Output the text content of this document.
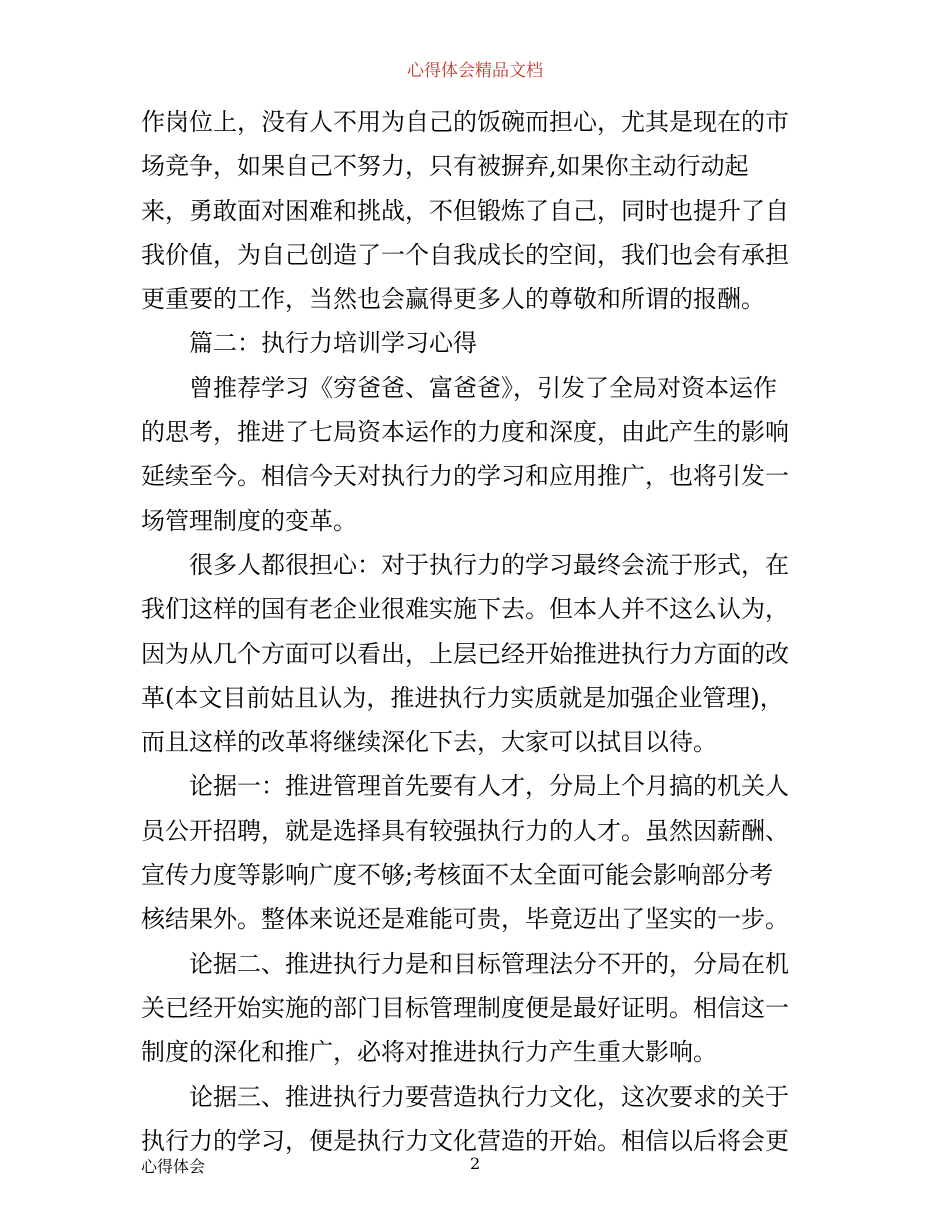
心得体会精品文档
作岗位上，没有人不用为自己的饭碗而担心，尤其是现在的市
场竞争，如果自己不努力，只有被摒弃,如果你主动行动起
来，勇敢面对困难和挑战，不但锻炼了自己，同时也提升了自
我价值，为自己创造了一个自我成长的空间，我们也会有承担
更重要的工作，当然也会赢得更多人的尊敬和所谓的报酬。
篇二：执行力培训学习心得
曾推荐学习《穷爸爸、富爸爸》，引发了全局对资本运作
的思考，推进了七局资本运作的力度和深度，由此产生的影响
延续至今。相信今天对执行力的学习和应用推广，也将引发一
场管理制度的变革。
很多人都很担心：对于执行力的学习最终会流于形式，在
我们这样的国有老企业很难实施下去。但本人并不这么认为，
因为从几个方面可以看出，上层已经开始推进执行力方面的改
革(本文目前姑且认为，推进执行力实质就是加强企业管理)，
而且这样的改革将继续深化下去，大家可以拭目以待。
论据一：推进管理首先要有人才，分局上个月搞的机关人
员公开招聘，就是选择具有较强执行力的人才。虽然因薪酬、
宣传力度等影响广度不够;考核面不太全面可能会影响部分考
核结果外。整体来说还是难能可贵，毕竟迈出了坚实的一步。
论据二、推进执行力是和目标管理法分不开的，分局在机
关已经开始实施的部门目标管理制度便是最好证明。相信这一
制度的深化和推广，必将对推进执行力产生重大影响。
论据三、推进执行力要营造执行力文化，这次要求的关于
执行力的学习，便是执行力文化营造的开始。相信以后将会更
心得体会	2
